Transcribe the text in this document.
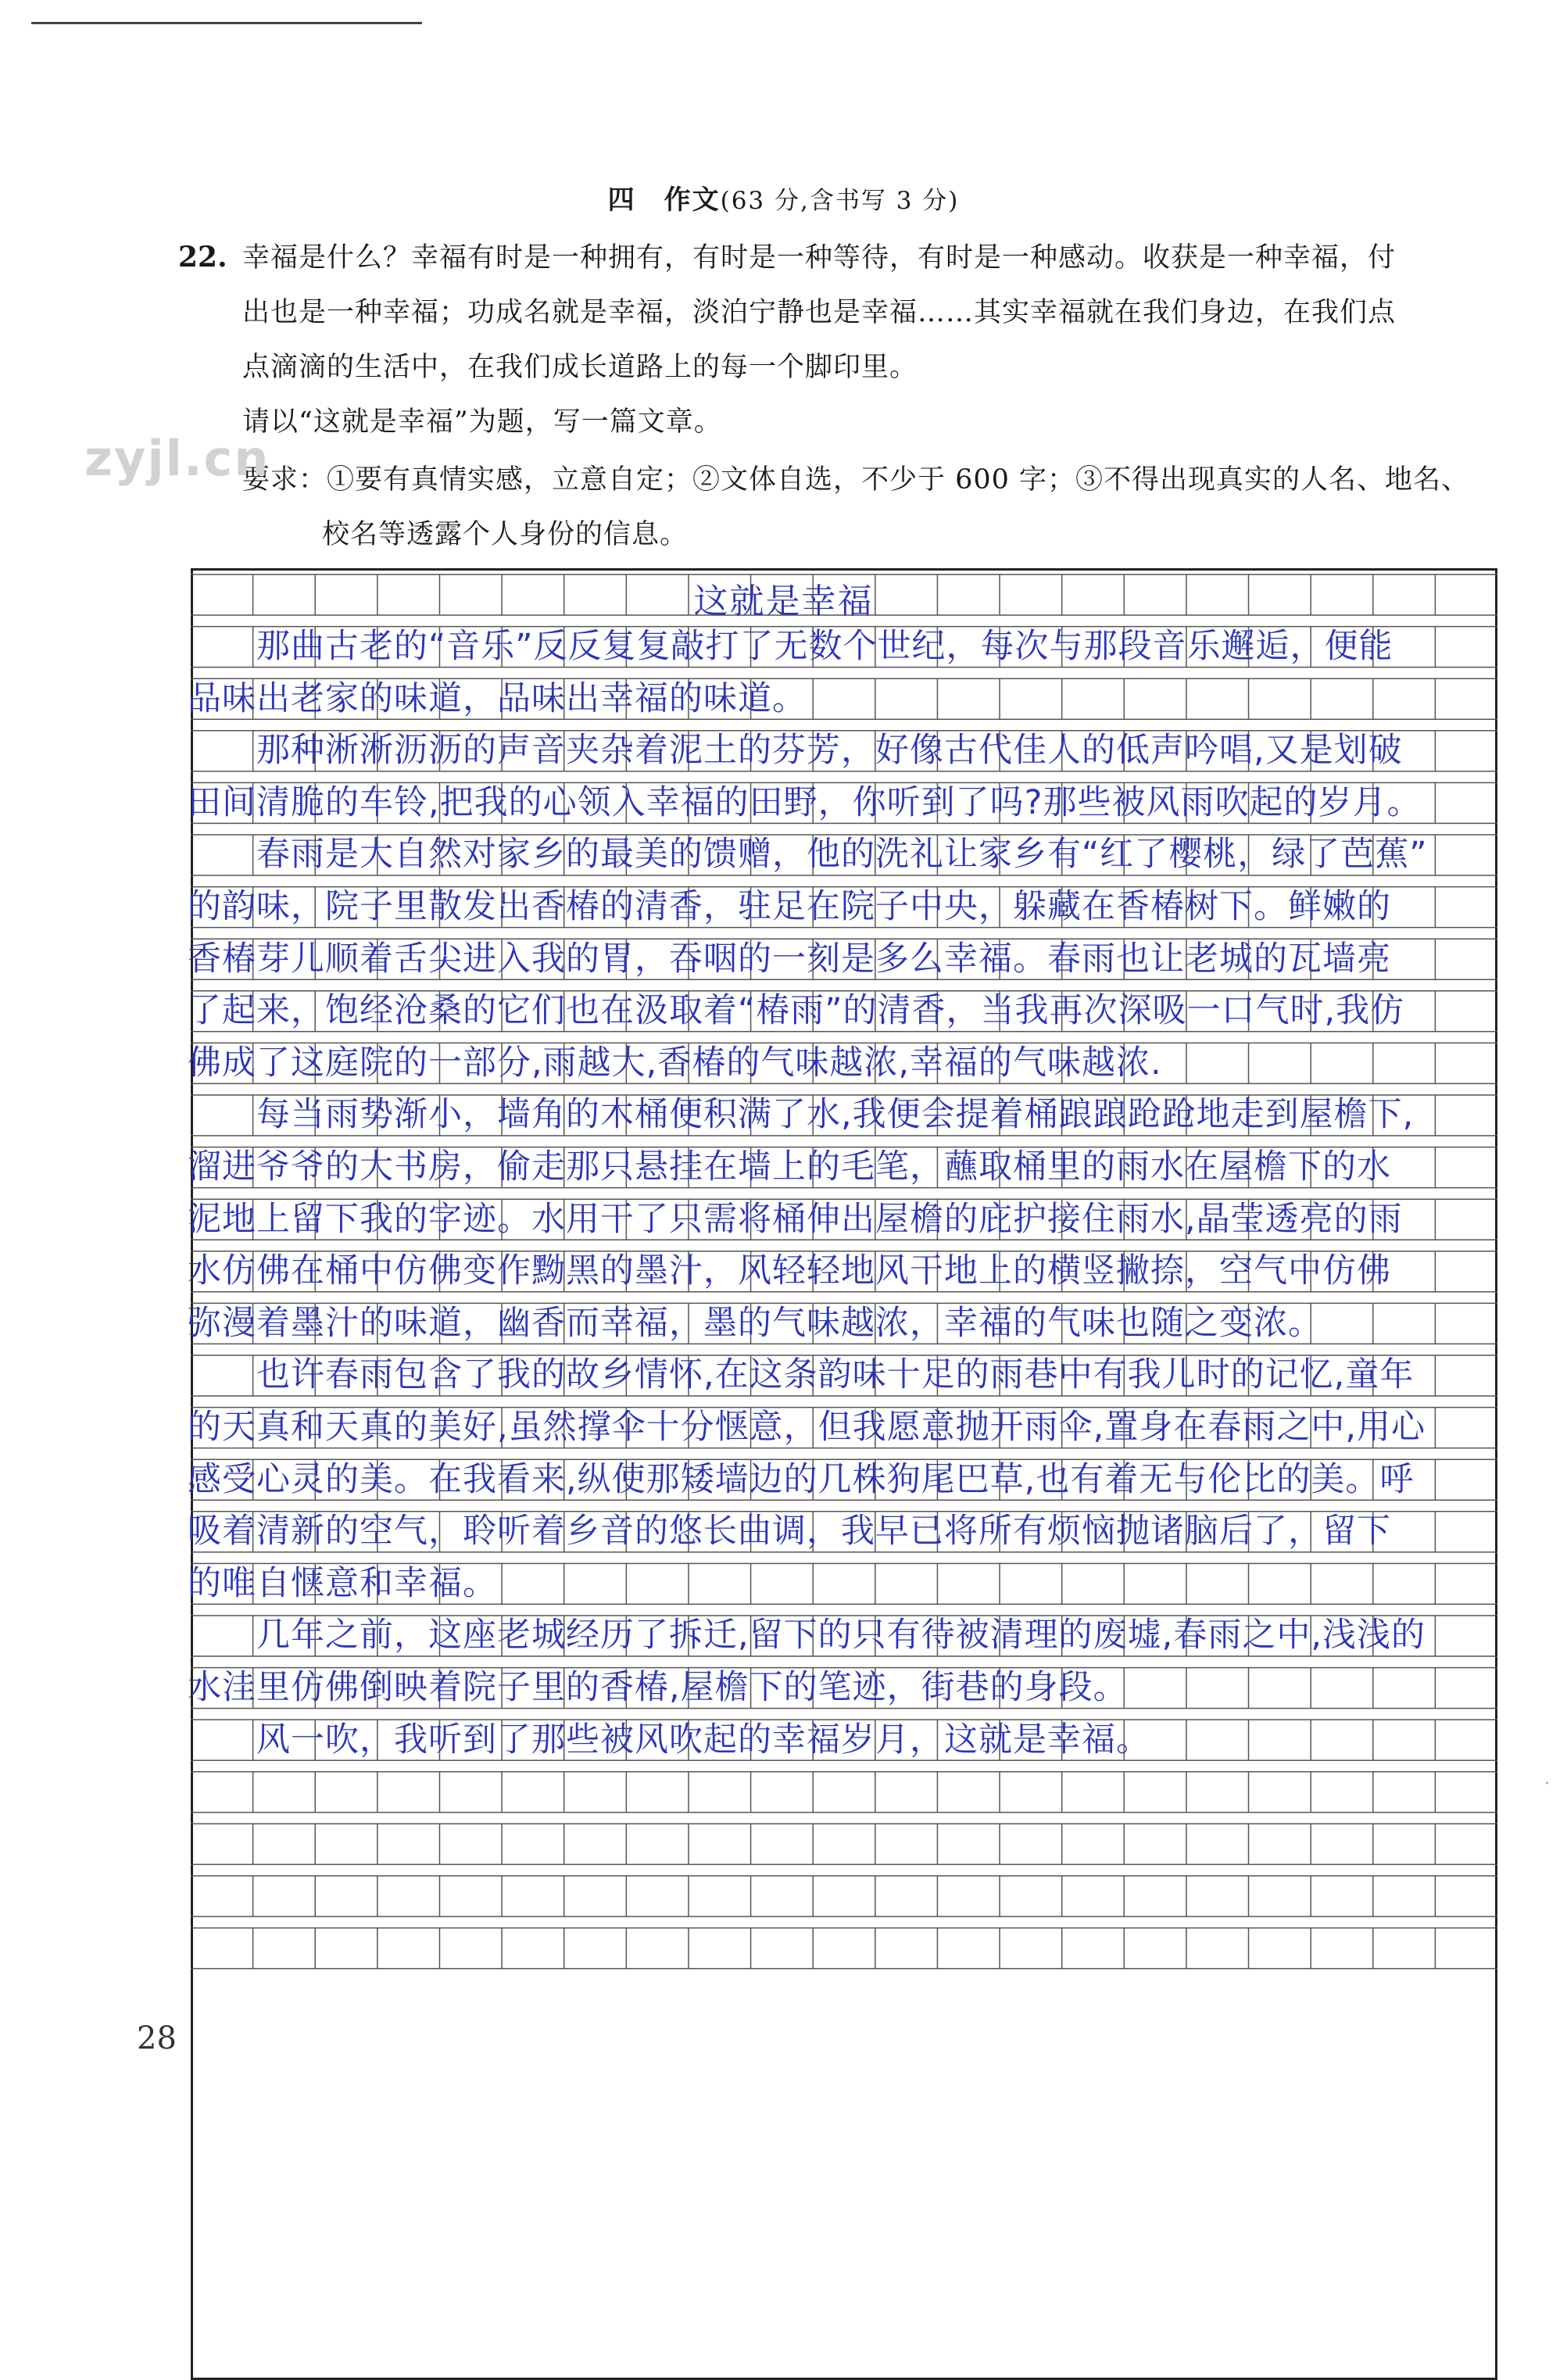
四 作文(63 分,含书写 3 分)
22. 幸福是什么？幸福有时是一种拥有，有时是一种等待，有时是一种感动。收获是一种幸福，付
出也是一种幸福；功成名就是幸福，淡泊宁静也是幸福……其实幸福就在我们身边，在我们点
点滴滴的生活中，在我们成长道路上的每一个脚印里。
请以“这就是幸福”为题，写一篇文章。
要求：①要有真情实感，立意自定；②文体自选，不少于 600 字；③不得出现真实的人名、地名、
校名等透露个人身份的信息。
zyjl.cn
这就是幸福
　　那曲古老的“音乐”反反复复敲打了无数个世纪，每次与那段音乐邂逅，便能
品味出老家的味道，品味出幸福的味道。
　　那种淅淅沥沥的声音夹杂着泥土的芬芳，好像古代佳人的低声吟唱,又是划破
田间清脆的车铃,把我的心领入幸福的田野，你听到了吗?那些被风雨吹起的岁月。
　　春雨是大自然对家乡的最美的馈赠，他的洗礼让家乡有“红了樱桃，绿了芭蕉”
的韵味，院子里散发出香椿的清香，驻足在院子中央，躲藏在香椿树下。鲜嫩的
香椿芽儿顺着舌尖进入我的胃，吞咽的一刻是多么幸福。春雨也让老城的瓦墙亮
了起来，饱经沧桑的它们也在汲取着“椿雨”的清香，当我再次深吸一口气时,我仿
佛成了这庭院的一部分,雨越大,香椿的气味越浓,幸福的气味越浓.
　　每当雨势渐小，墙角的木桶便积满了水,我便会提着桶踉踉跄跄地走到屋檐下,
溜进爷爷的大书房，偷走那只悬挂在墙上的毛笔，蘸取桶里的雨水在屋檐下的水
泥地上留下我的字迹。水用干了只需将桶伸出屋檐的庇护接住雨水,晶莹透亮的雨
水仿佛在桶中仿佛变作黝黑的墨汁，风轻轻地风干地上的横竖撇捺，空气中仿佛
弥漫着墨汁的味道，幽香而幸福，墨的气味越浓，幸福的气味也随之变浓。
　　也许春雨包含了我的故乡情怀,在这条韵味十足的雨巷中有我儿时的记忆,童年
的天真和天真的美好,虽然撑伞十分惬意，但我愿意抛开雨伞,置身在春雨之中,用心
感受心灵的美。在我看来,纵使那矮墙边的几株狗尾巴草,也有着无与伦比的美。呼
吸着清新的空气，聆听着乡音的悠长曲调，我早已将所有烦恼抛诸脑后了，留下
的唯自惬意和幸福。
　　几年之前，这座老城经历了拆迁,留下的只有待被清理的废墟,春雨之中,浅浅的
水洼里仿佛倒映着院子里的香椿,屋檐下的笔迹，街巷的身段。
　　风一吹，我听到了那些被风吹起的幸福岁月，这就是幸福。
28
·
